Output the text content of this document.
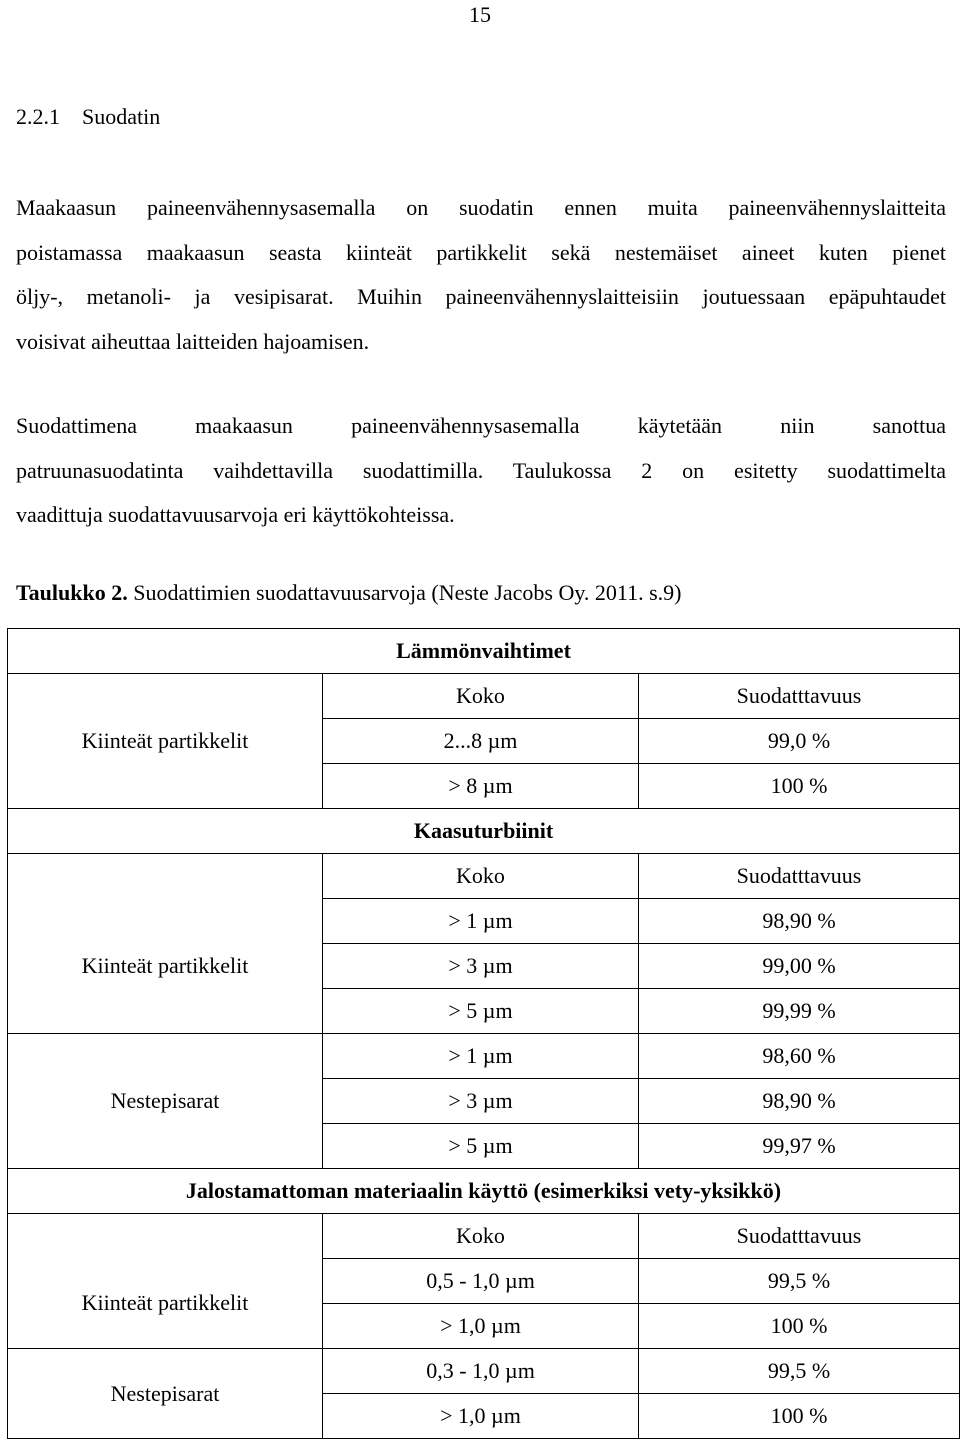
15
2.2.1 Suodatin
Maakaasun paineenvähennysasemalla on suodatin ennen muita paineenvähennyslaitteita
poistamassa maakaasun seasta kiinteät partikkelit sekä nestemäiset aineet kuten pienet
öljy-, metanoli- ja vesipisarat. Muihin paineenvähennyslaitteisiin joutuessaan epäpuhtaudet
voisivat aiheuttaa laitteiden hajoamisen.
Suodattimena maakaasun paineenvähennysasemalla käytetään niin sanottua
patruunasuodatinta vaihdettavilla suodattimilla. Taulukossa 2 on esitetty suodattimelta
vaadittuja suodattavuusarvoja eri käyttökohteissa.
Taulukko 2. Suodattimien suodattavuusarvoja (Neste Jacobs Oy. 2011. s.9)
Lämmönvaihtimet		
	Koko	Suodatttavuus
Kiinteät partikkelit	2...8 µm	99,0 %
	> 8 µm	100 %
Kaasuturbiinit		
	Koko	Suodatttavuus
Kiinteät partikkelit	> 1 µm	98,90 %
	> 3 µm	99,00 %
	> 5 µm	99,99 %
Nestepisarat	> 1 µm	98,60 %
	> 3 µm	98,90 %
	> 5 µm	99,97 %
Jalostamattoman materiaalin käyttö (esimerkiksi vety-yksikkö)		
	Koko	Suodatttavuus
Kiinteät partikkelit	0,5 - 1,0 µm	99,5 %
	> 1,0 µm	100 %
Nestepisarat	0,3 - 1,0 µm	99,5 %
	> 1,0 µm	100 %
